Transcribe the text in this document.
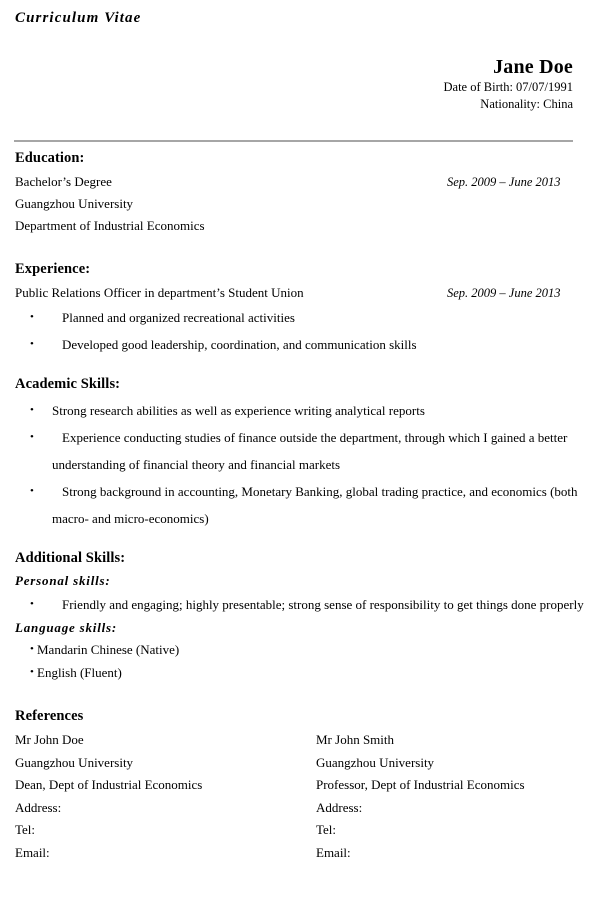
Curriculum Vitae
Jane Doe
Date of Birth: 07/07/1991
Nationality: China
Education:
Bachelor’s Degree	Sep. 2009 – June 2013
Guangzhou University
Department of Industrial Economics
Experience:
Public Relations Officer in department’s Student Union	Sep. 2009 – June 2013
•	Planned and organized recreational activities
•	Developed good leadership, coordination, and communication skills
Academic Skills:
• Strong research abilities as well as experience writing analytical reports
•	Experience conducting studies of finance outside the department, through which I gained a better understanding of financial theory and financial markets
•	Strong background in accounting, Monetary Banking, global trading practice, and economics (both macro- and micro-economics)
Additional Skills:
Personal skills:
•	Friendly and engaging; highly presentable; strong sense of responsibility to get things done properly
Language skills:
• Mandarin Chinese (Native)
• English (Fluent)
References
Mr John Doe
Guangzhou University
Dean, Dept of Industrial Economics
Address:
Tel:
Email:
Mr John Smith
Guangzhou University
Professor, Dept of Industrial Economics
Address:
Tel:
Email:
